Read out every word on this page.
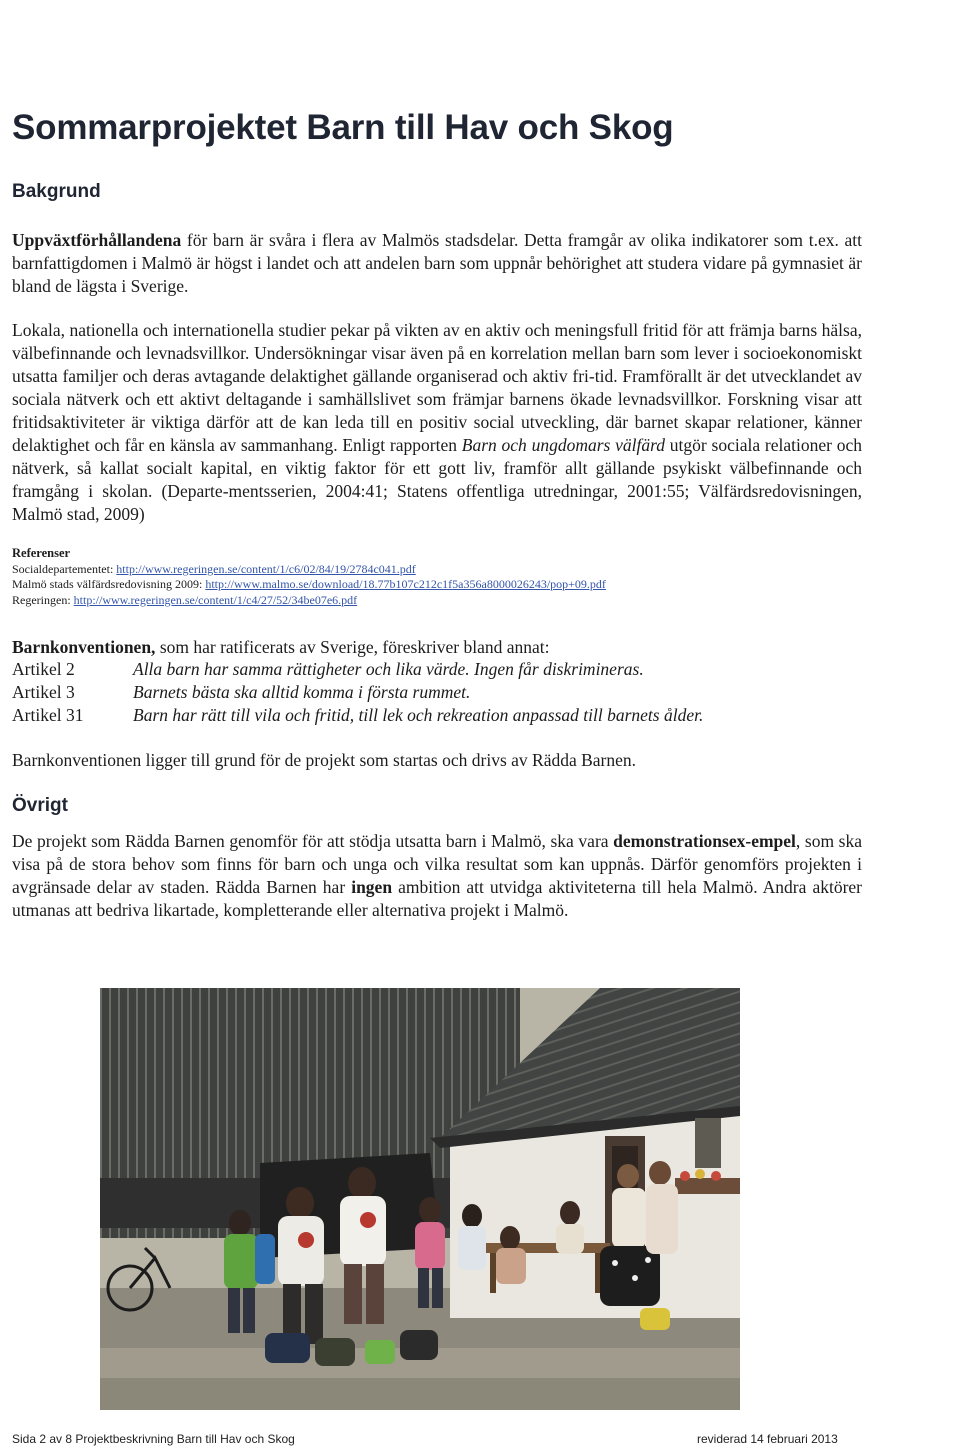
Sommarprojektet Barn till Hav och Skog
Bakgrund

Uppväxtförhållandena för barn är svåra i flera av Malmös stadsdelar. Detta framgår av olika indikatorer som t.ex. att barnfattigdomen i Malmö är högst i landet och att andelen barn som uppnår behörighet att studera vidare på gymnasiet är bland de lägsta i Sverige.

Lokala, nationella och internationella studier pekar på vikten av en aktiv och meningsfull fritid för att främja barns hälsa, välbefinnande och levnadsvillkor. Undersökningar visar även på en korrelation mellan barn som lever i socioekonomiskt utsatta familjer och deras avtagande delaktighet gällande organiserad och aktiv fri-tid. Framförallt är det utvecklandet av sociala nätverk och ett aktivt deltagande i samhällslivet som främjar barnens ökade levnadsvillkor. Forskning visar att fritidsaktiviteter är viktiga därför att de kan leda till en positiv social utveckling, där barnet skapar relationer, känner delaktighet och får en känsla av sammanhang. Enligt rapporten Barn och ungdomars välfärd utgör sociala relationer och nätverk, så kallat socialt kapital, en viktig faktor för ett gott liv, framför allt gällande psykiskt välbefinnande och framgång i skolan. (Departe-mentsserien, 2004:41; Statens offentliga utredningar, 2001:55; Välfärdsredovisningen, Malmö stad, 2009)

Referenser
Socialdepartementet: http://www.regeringen.se/content/1/c6/02/84/19/2784c041.pdf
Malmö stads välfärdsredovisning 2009: http://www.malmo.se/download/18.77b107c212c1f5a356a8000026243/pop+09.pdf
Regeringen: http://www.regeringen.se/content/1/c4/27/52/34be07e6.pdf

Barnkonventionen, som har ratificerats av Sverige, föreskriver bland annat:

Artikel 2	Alla barn har samma rättigheter och lika värde. Ingen får diskrimineras.
Artikel 3	Barnets bästa ska alltid komma i första rummet.
Artikel 31	Barn har rätt till vila och fritid, till lek och rekreation anpassad till barnets ålder.

Barnkonventionen ligger till grund för de projekt som startas och drivs av Rädda Barnen.

Övrigt

De projekt som Rädda Barnen genomför för att stödja utsatta barn i Malmö, ska vara demonstrationsex-empel, som ska visa på de stora behov som finns för barn och unga och vilka resultat som kan uppnås. Därför genomförs projekten i avgränsade delar av staden. Rädda Barnen har ingen ambition att utvidga aktiviteterna till hela Malmö. Andra aktörer utmanas att bedriva likartade, kompletterande eller alternativa projekt i Malmö.

Sida 2 av 8 Projektbeskrivning Barn till Hav och Skog	reviderad 14 februari 2013
